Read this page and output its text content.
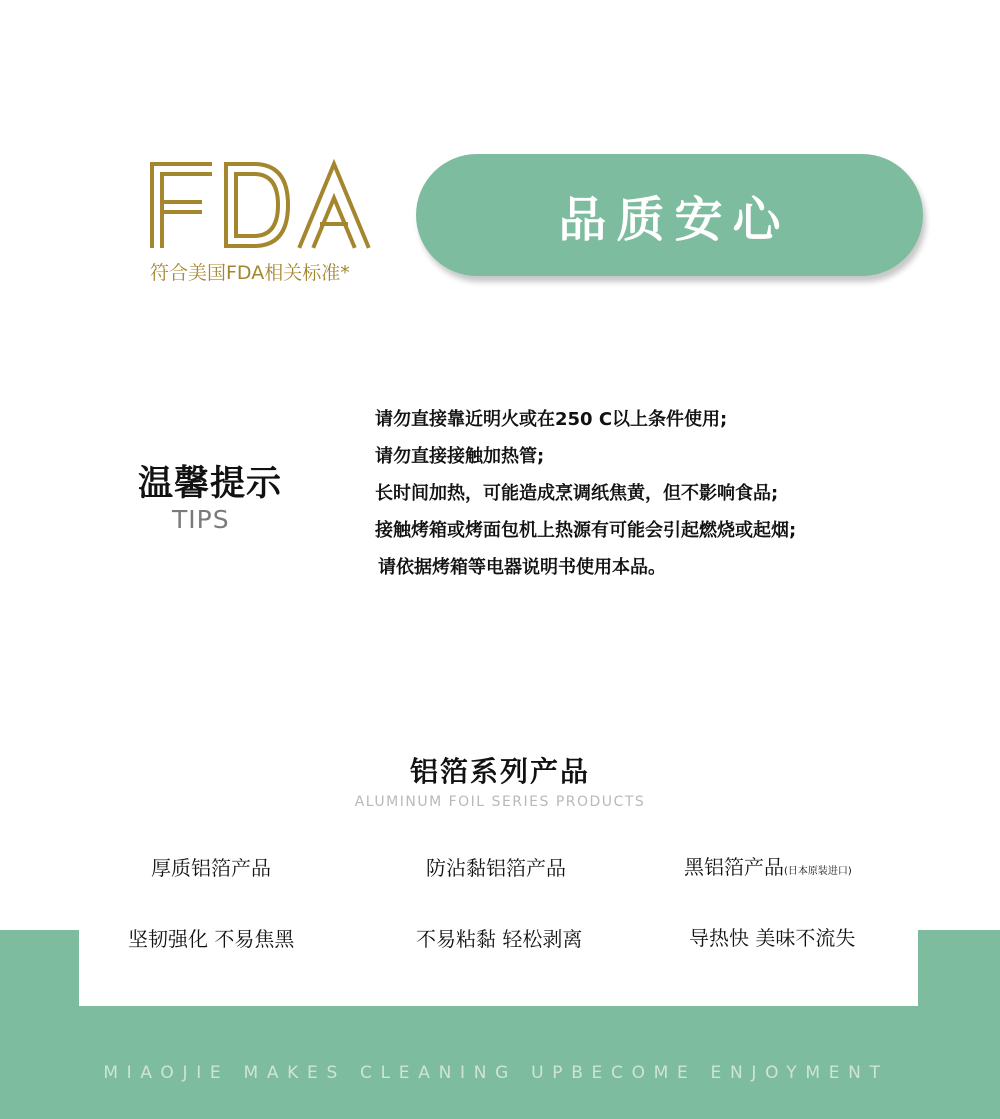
符合美国FDA相关标准*
品质安心
温馨提示
TIPS
请勿直接靠近明火或在250 C以上条件使用;
请勿直接接触加热管;
长时间加热，可能造成烹调纸焦黄，但不影响食品;
接触烤箱或烤面包机上热源有可能会引起燃烧或起烟;
请依据烤箱等电器说明书使用本品。
铝箔系列产品
ALUMINUM FOIL SERIES PRODUCTS
MIAOJIE MAKES CLEANING UPBECOME ENJOYMENT
厚质铝箔产品	防沾黏铝箔产品	黑铝箔产品(日本原装进口)
坚韧强化 不易焦黑	不易粘黏 轻松剥离	导热快 美味不流失
